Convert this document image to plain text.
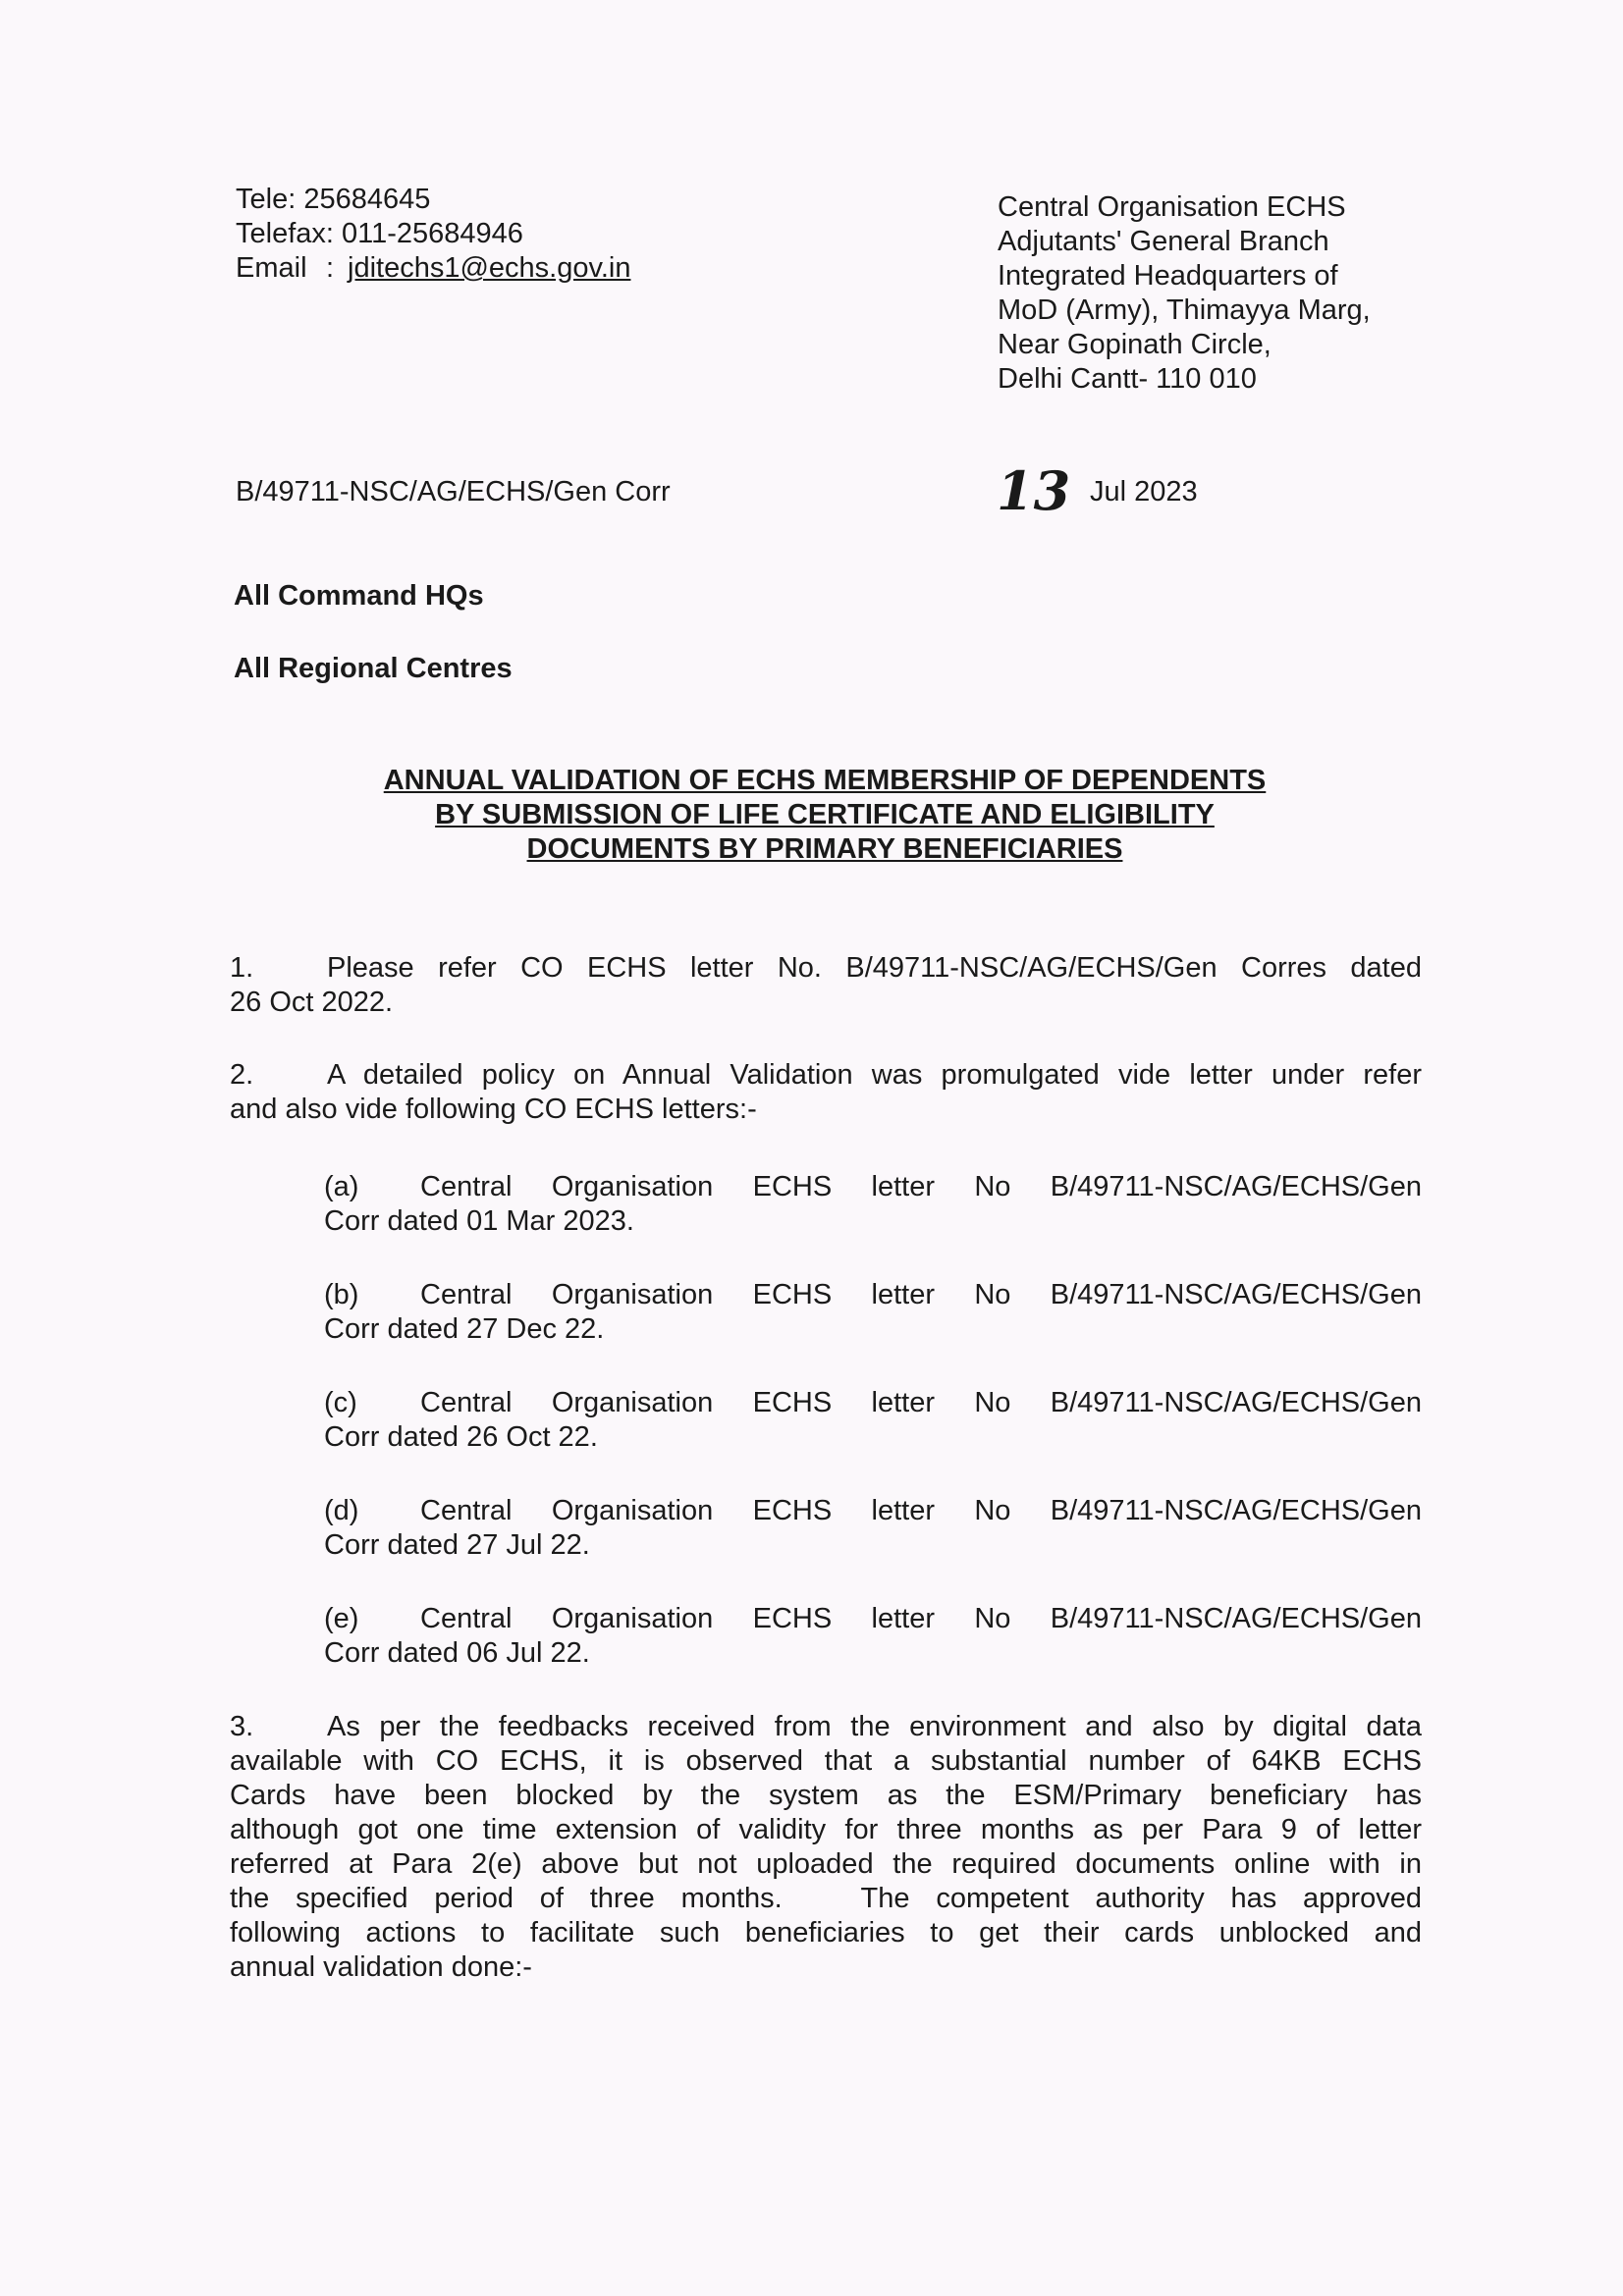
Tele: 25684645
Telefax: 011-25684946
Email : jditechs1@echs.gov.in
Central Organisation ECHS
Adjutants' General Branch
Integrated Headquarters of
MoD (Army), Thimayya Marg,
Near Gopinath Circle,
Delhi Cantt- 110 010
B/49711-NSC/AG/ECHS/Gen Corr	13 Jul 2023
All Command HQs
All Regional Centres
ANNUAL VALIDATION OF ECHS MEMBERSHIP OF DEPENDENTS
BY SUBMISSION OF LIFE CERTIFICATE AND ELIGIBILITY
DOCUMENTS BY PRIMARY BENEFICIARIES
1.	Please refer CO ECHS letter No. B/49711-NSC/AG/ECHS/Gen Corres dated
26 Oct 2022.
2.	A detailed policy on Annual Validation was promulgated vide letter under refer
and also vide following CO ECHS letters:-
(a) Central Organisation ECHS letter No B/49711-NSC/AG/ECHS/Gen
Corr dated 01 Mar 2023.
(b) Central Organisation ECHS letter No B/49711-NSC/AG/ECHS/Gen
Corr dated 27 Dec 22.
(c) Central Organisation ECHS letter No B/49711-NSC/AG/ECHS/Gen
Corr dated 26 Oct 22.
(d) Central Organisation ECHS letter No B/49711-NSC/AG/ECHS/Gen
Corr dated 27 Jul 22.
(e) Central Organisation ECHS letter No B/49711-NSC/AG/ECHS/Gen
Corr dated 06 Jul 22.
3.	As per the feedbacks received from the environment and also by digital data
available with CO ECHS, it is observed that a substantial number of 64KB ECHS
Cards have been blocked by the system as the ESM/Primary beneficiary has
although got one time extension of validity for three months as per Para 9 of letter
referred at Para 2(e) above but not uploaded the required documents online with in
the specified period of three months.   The competent authority has approved
following actions to facilitate such beneficiaries to get their cards unblocked and
annual validation done:-
